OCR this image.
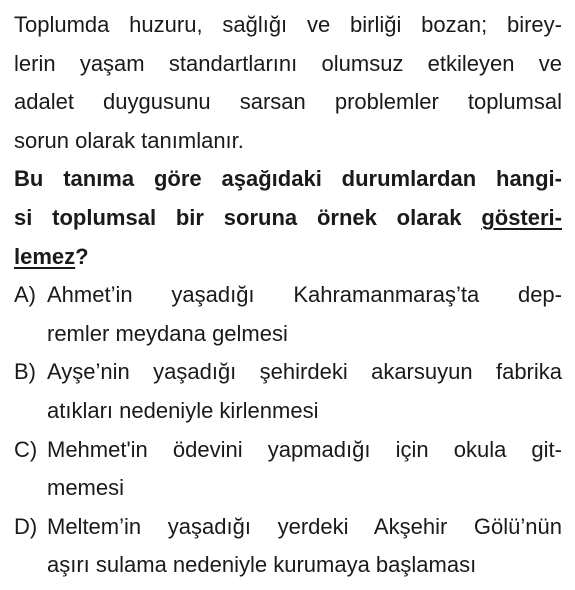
Toplumda huzuru, sağlığı ve birliği bozan; birey-
lerin yaşam standartlarını olumsuz etkileyen ve
adalet duygusunu sarsan problemler toplumsal
sorun olarak tanımlanır.
Bu tanıma göre aşağıdaki durumlardan hangi-
si toplumsal bir soruna örnek olarak gösteri-
lemez?
A) Ahmet’in yaşadığı Kahramanmaraş’ta dep-
remler meydana gelmesi
B) Ayşe’nin yaşadığı şehirdeki akarsuyun fabrika
atıkları nedeniyle kirlenmesi
C) Mehmet'in ödevini yapmadığı için okula git-
memesi
D) Meltem’in yaşadığı yerdeki Akşehir Gölü’nün
aşırı sulama nedeniyle kurumaya başlaması
